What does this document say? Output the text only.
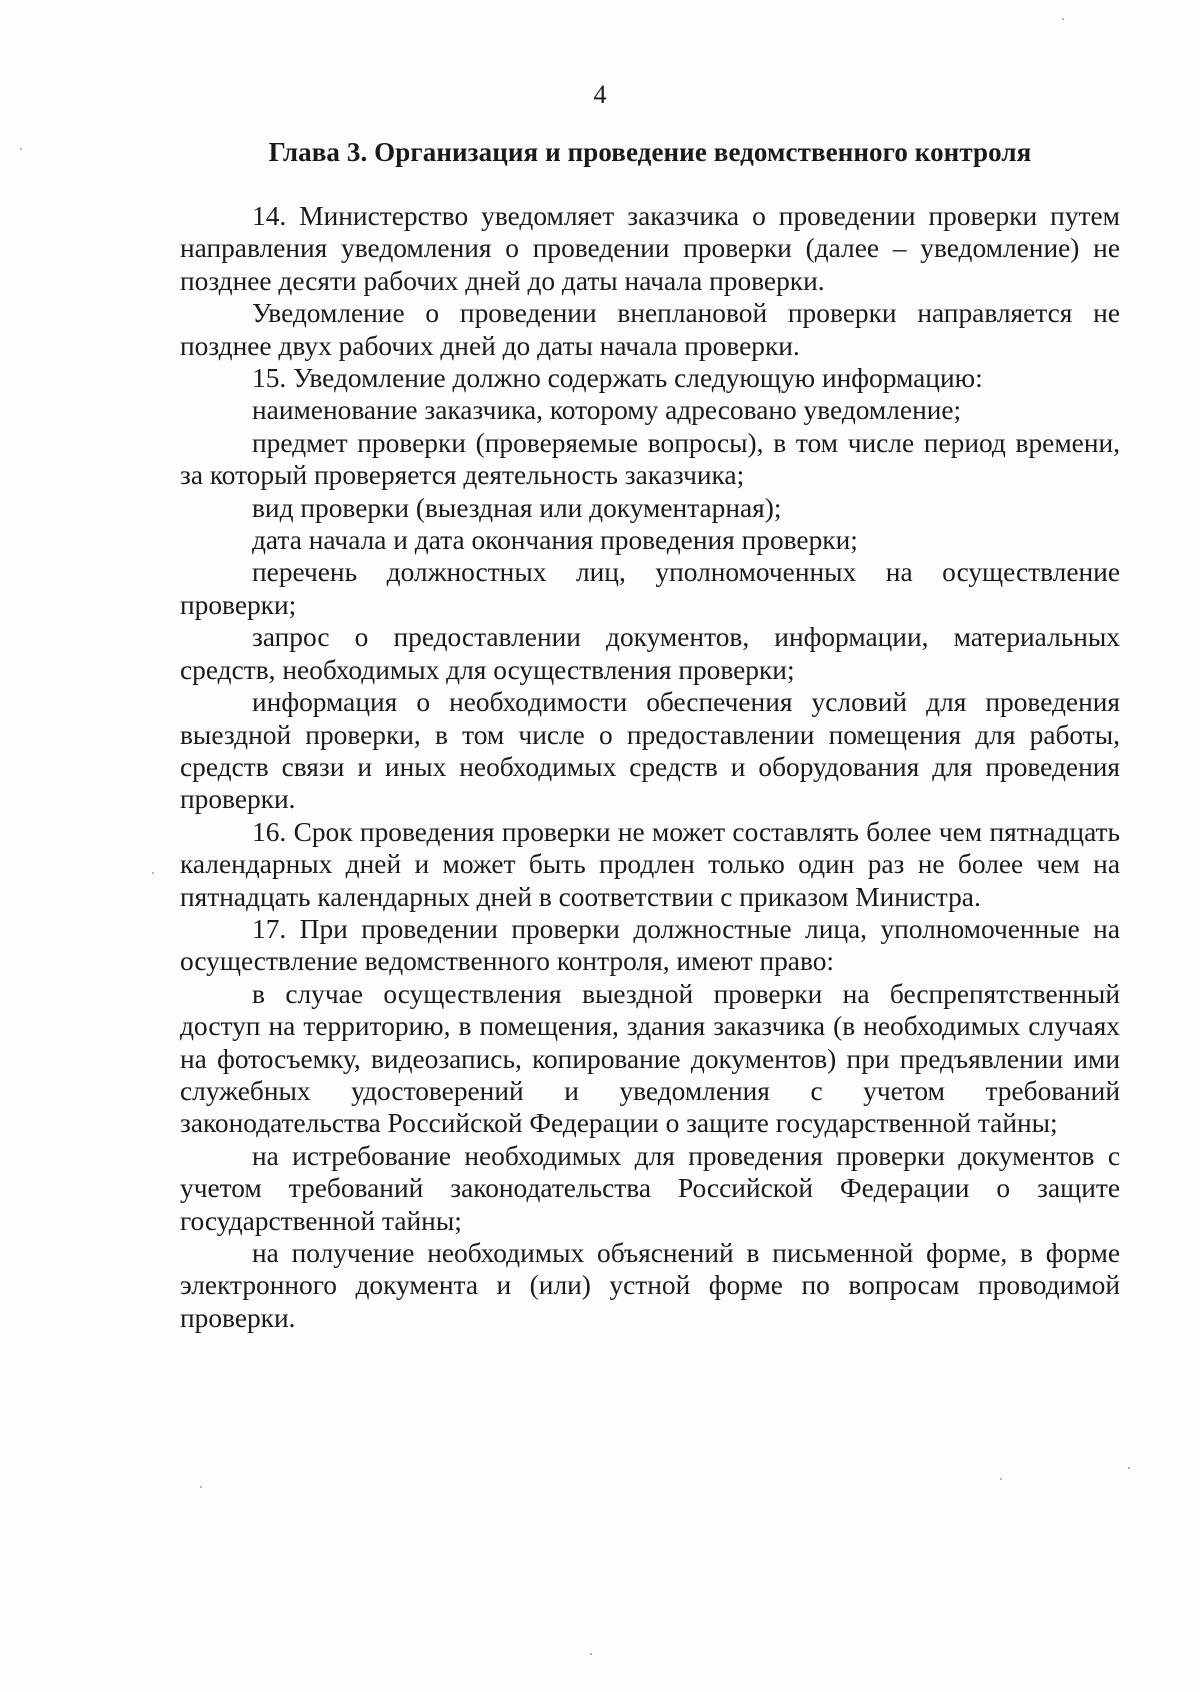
4
Глава 3. Организация и проведение ведомственного контроля

14. Министерство уведомляет заказчика о проведении проверки путем направления уведомления о проведении проверки (далее – уведомление) не позднее десяти рабочих дней до даты начала проверки.

Уведомление о проведении внеплановой проверки направляется не позднее двух рабочих дней до даты начала проверки.

15. Уведомление должно содержать следующую информацию:

наименование заказчика, которому адресовано уведомление;

предмет проверки (проверяемые вопросы), в том числе период времени, за который проверяется деятельность заказчика;

вид проверки (выездная или документарная);

дата начала и дата окончания проведения проверки;

перечень должностных лиц, уполномоченных на осуществление проверки;

запрос о предоставлении документов, информации, материальных средств, необходимых для осуществления проверки;

информация о необходимости обеспечения условий для проведения выездной проверки, в том числе о предоставлении помещения для работы, средств связи и иных необходимых средств и оборудования для проведения проверки.

16. Срок проведения проверки не может составлять более чем пятнадцать календарных дней и может быть продлен только один раз не более чем на пятнадцать календарных дней в соответствии с приказом Министра.

17. При проведении проверки должностные лица, уполномоченные на осуществление ведомственного контроля, имеют право:

в случае осуществления выездной проверки на беспрепятственный доступ на территорию, в помещения, здания заказчика (в необходимых случаях на фотосъемку, видеозапись, копирование документов) при предъявлении ими служебных удостоверений и уведомления с учетом требований законодательства Российской Федерации о защите государственной тайны;

на истребование необходимых для проведения проверки документов с учетом требований законодательства Российской Федерации о защите государственной тайны;

на получение необходимых объяснений в письменной форме, в форме электронного документа и (или) устной форме по вопросам проводимой проверки.
